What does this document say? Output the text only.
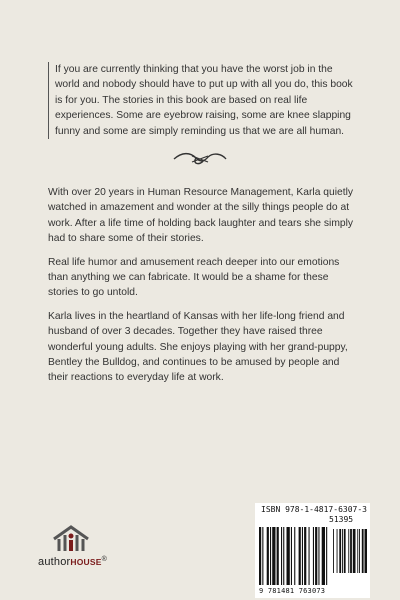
If you are currently thinking that you have the worst job in the world and nobody should have to put up with all you do, this book is for you. The stories in this book are based on real life experiences. Some are eyebrow raising, some are knee slapping funny and some are simply reminding us that we are all human.

With over 20 years in Human Resource Management, Karla quietly watched in amazement and wonder at the silly things people do at work. After a life time of holding back laughter and tears she simply had to share some of their stories.

Real life humor and amusement reach deeper into our emotions than anything we can fabricate. It would be a shame for these stories to go untold.

Karla lives in the heartland of Kansas with her life-long friend and husband of over 3 decades. Together they have raised three wonderful young adults. She enjoys playing with her grand-puppy, Bentley the Bulldog, and continues to be amused by people and their reactions to everyday life at work.

authorHOUSE®
ISBN 978-1-4817-6307-3
51395
9 781481 763073
